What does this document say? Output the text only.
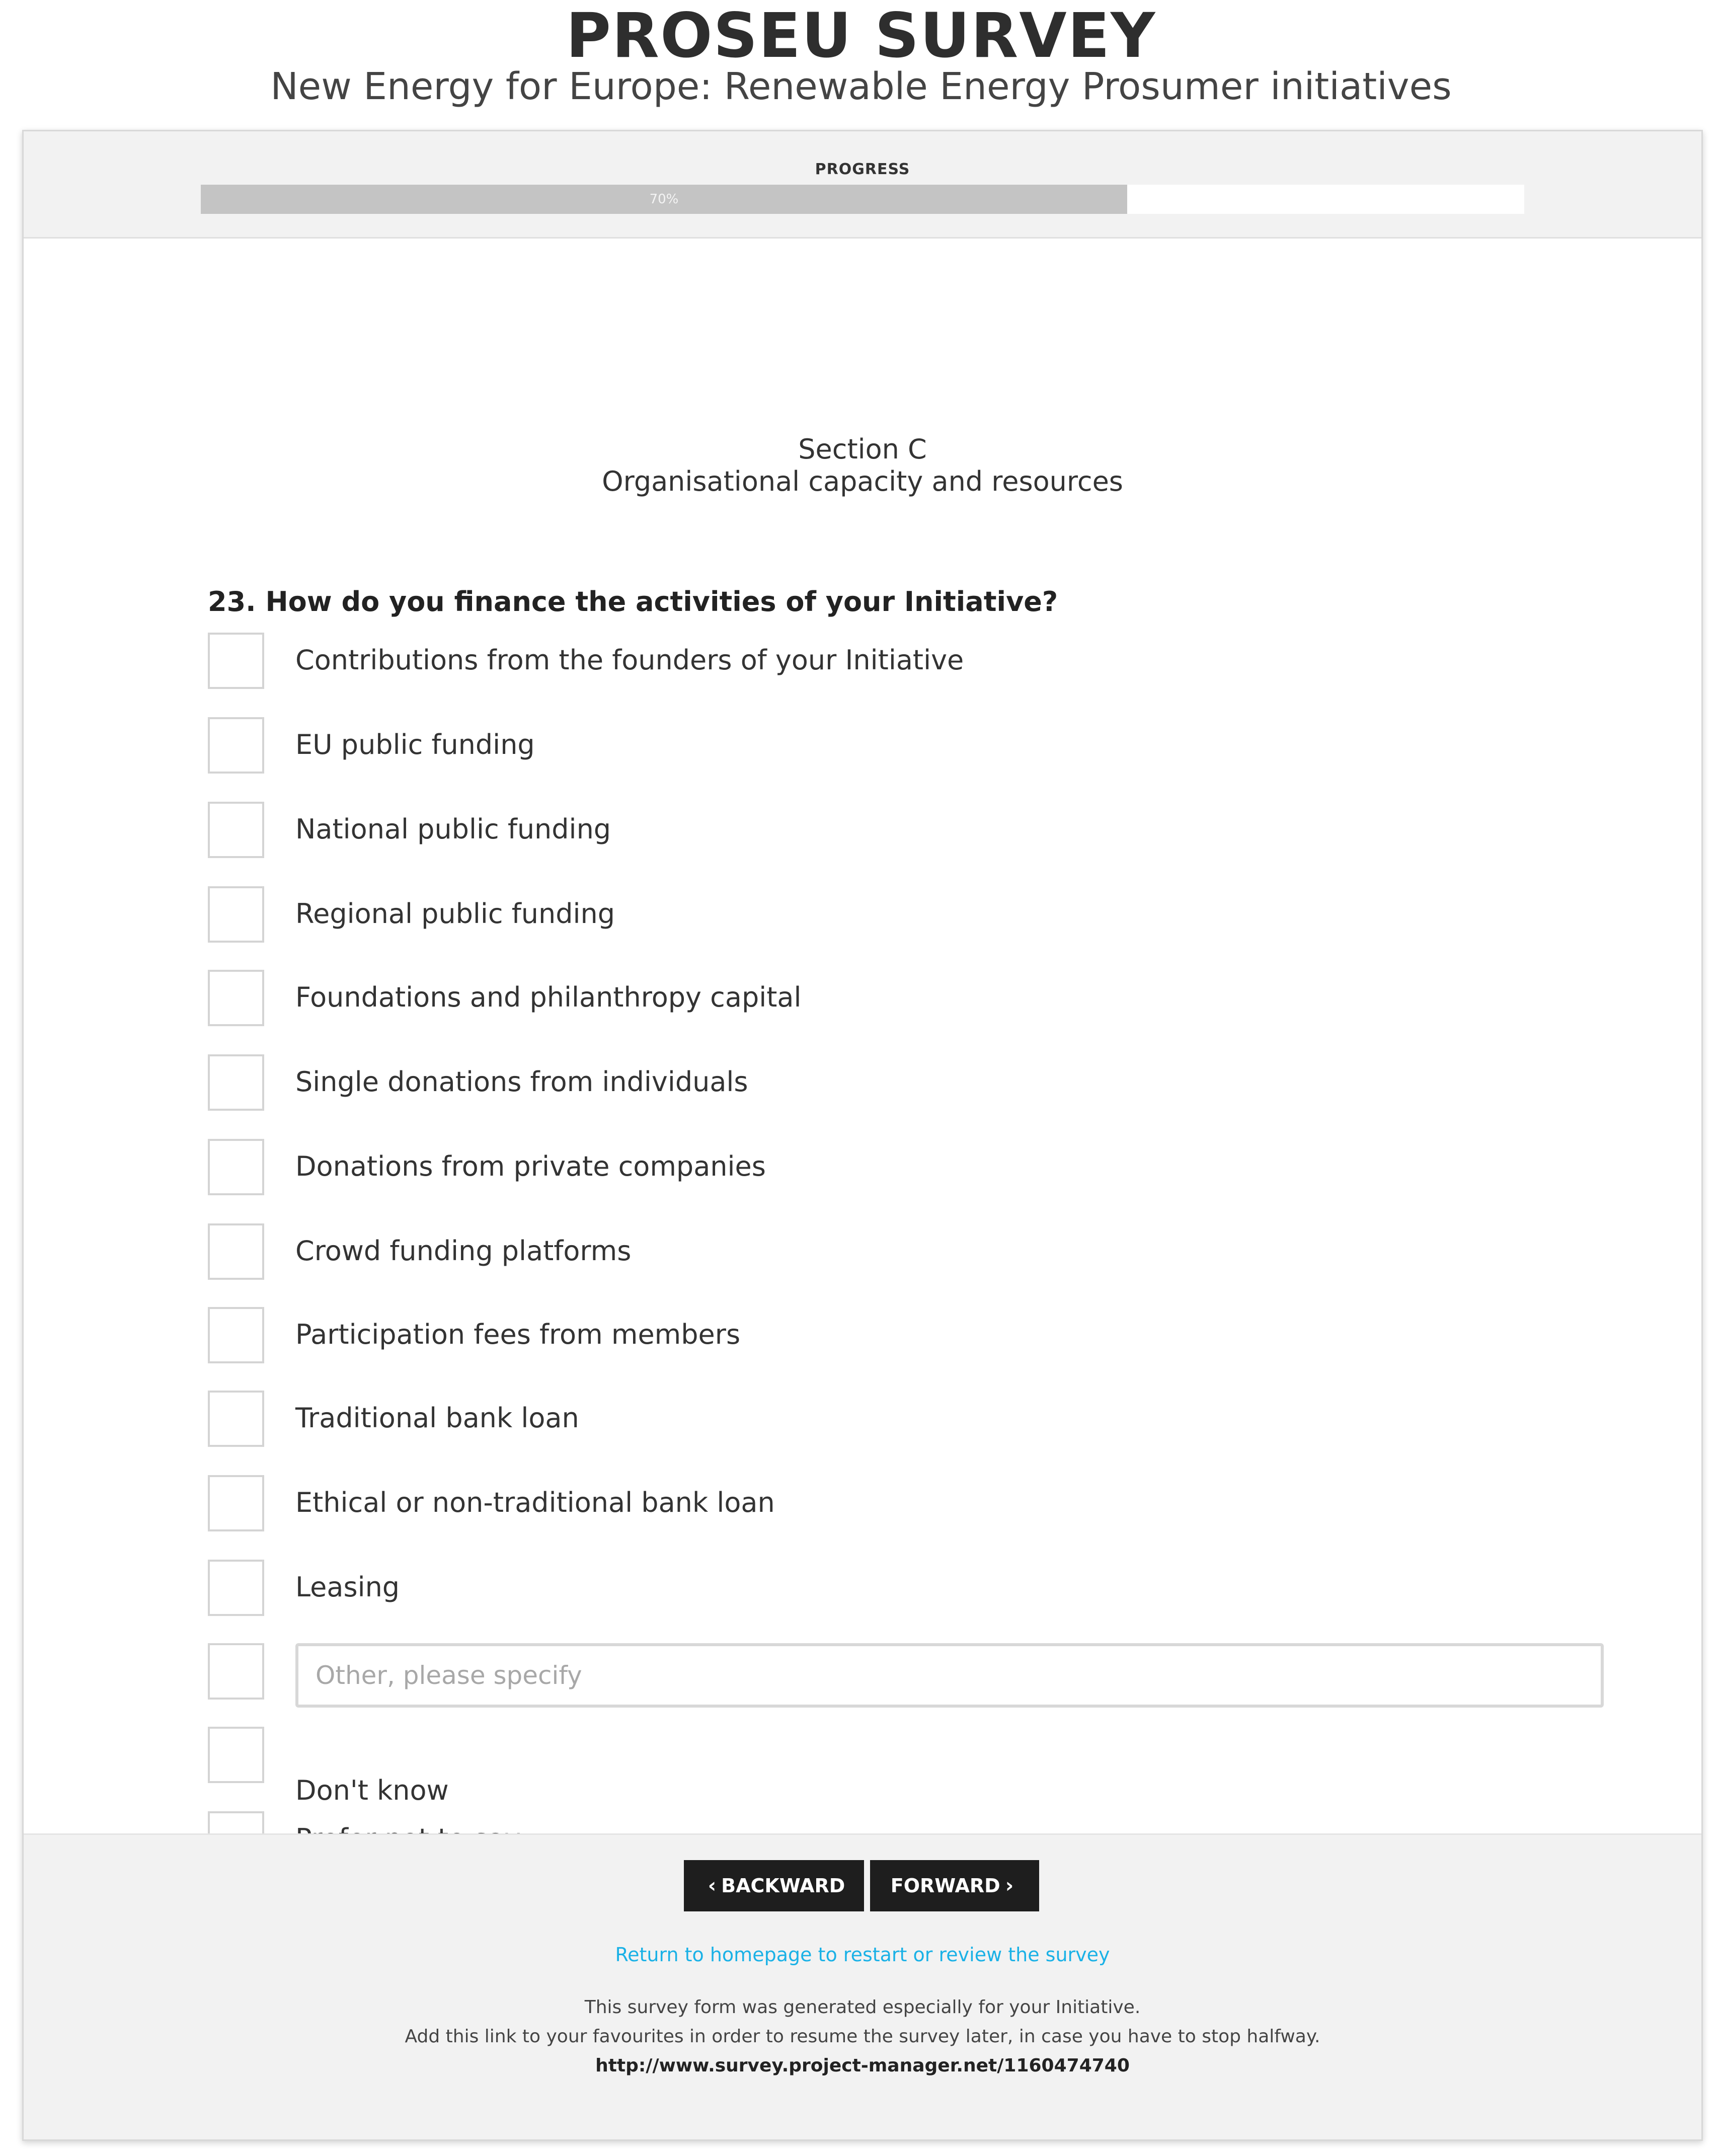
PROSEU SURVEY
New Energy for Europe: Renewable Energy Prosumer initiatives
PROGRESS
70%
Section C
Organisational capacity and resources
23. How do you finance the activities of your Initiative?
Contributions from the founders of your Initiative
EU public funding
National public funding
Regional public funding
Foundations and philanthropy capital
Single donations from individuals
Donations from private companies
Crowd funding platforms
Participation fees from members
Traditional bank loan
Ethical or non-traditional bank loan
Leasing
Other, please specify
Don't know
‹ BACKWARD	FORWARD ›
Return to homepage to restart or review the survey
This survey form was generated especially for your Initiative.
Add this link to your favourites in order to resume the survey later, in case you have to stop halfway.
http://www.survey.project-manager.net/1160474740
